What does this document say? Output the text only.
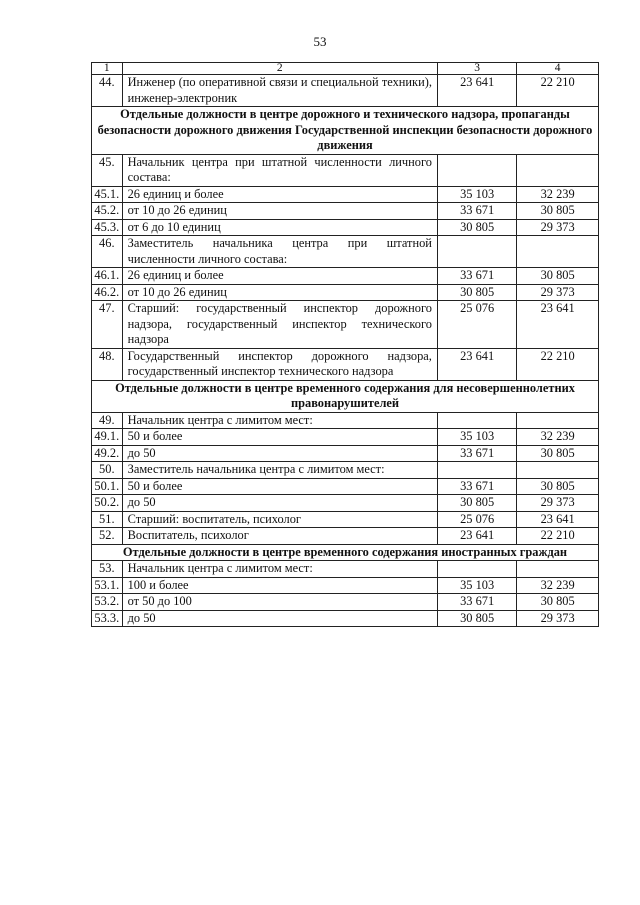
53
1	2	3	4
44.	Инженер (по оперативной связи и специальной техники), инженер-электроник	23 641	22 210
Отдельные должности в центре дорожного и технического надзора, пропаганды безопасности дорожного движения Государственной инспекции безопасности дорожного движения			
45.	Начальник центра при штатной численности личного состава:		
45.1.	26 единиц и более	35 103	32 239
45.2.	от 10 до 26 единиц	33 671	30 805
45.3.	от 6 до 10 единиц	30 805	29 373
46.	Заместитель начальника центра при штатной численности личного состава:		
46.1.	26 единиц и более	33 671	30 805
46.2.	от 10 до 26 единиц	30 805	29 373
47.	Старший: государственный инспектор дорожного надзора, государственный инспектор технического надзора	25 076	23 641
48.	Государственный инспектор дорожного надзора, государственный инспектор технического надзора	23 641	22 210
Отдельные должности в центре временного содержания для несовершеннолетних правонарушителей			
49.	Начальник центра с лимитом мест:		
49.1.	50 и более	35 103	32 239
49.2.	до 50	33 671	30 805
50.	Заместитель начальника центра с лимитом мест:		
50.1.	50 и более	33 671	30 805
50.2.	до 50	30 805	29 373
51.	Старший: воспитатель, психолог	25 076	23 641
52.	Воспитатель, психолог	23 641	22 210
Отдельные должности в центре временного содержания иностранных граждан			
53.	Начальник центра с лимитом мест:		
53.1.	100 и более	35 103	32 239
53.2.	от 50 до 100	33 671	30 805
53.3.	до 50	30 805	29 373
